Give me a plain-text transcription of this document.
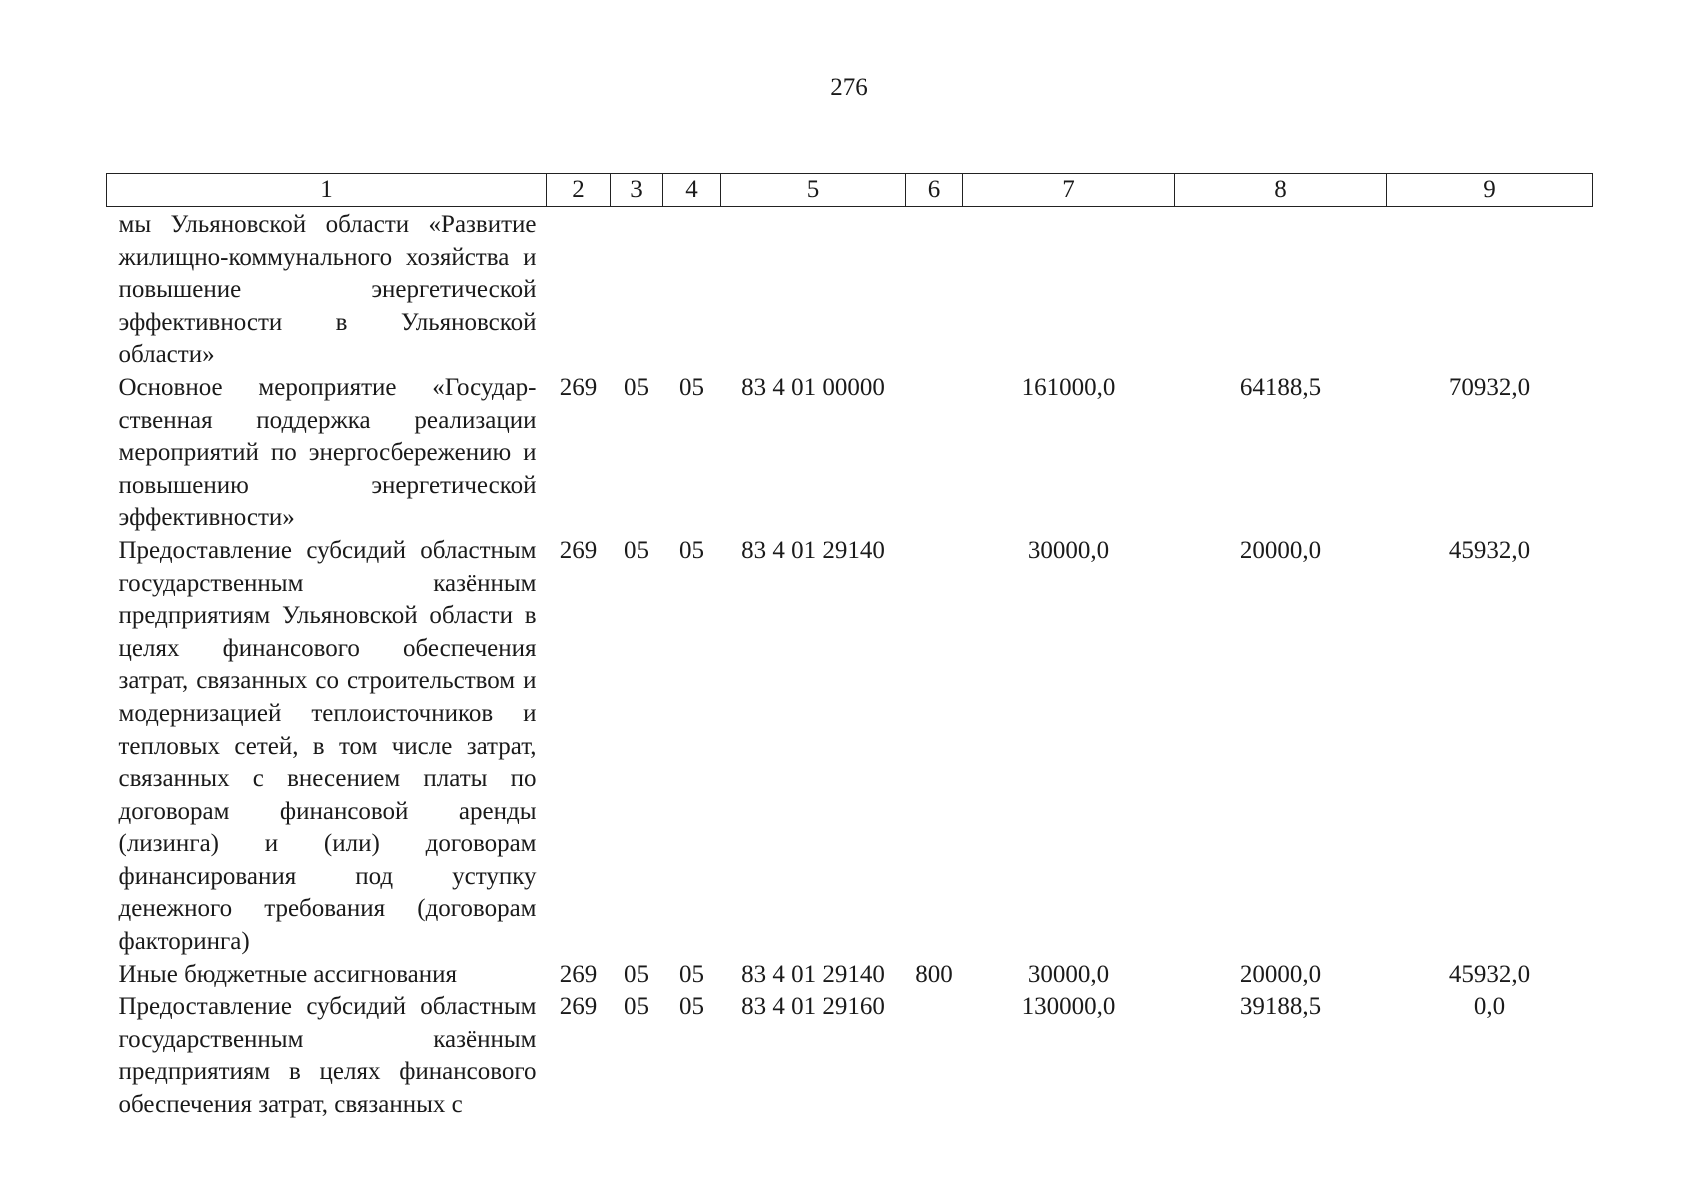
276
1	2	3	4	5	6	7	8	9
мы Ульяновской области «Развитие жилищно-коммунального хозяйства и повышение энергетической эффективности в Ульяновской области»								
Основное мероприятие «Государственная поддержка реализации мероприятий по энергосбережению и повышению энергетической эффективности»	269	05	05	83 4 01 00000		161000,0	64188,5	70932,0
Предоставление субсидий областным государственным казённым предприятиям Ульяновской области в целях финансового обеспечения затрат, связанных со строительством и модернизацией теплоисточников и тепловых сетей, в том числе затрат, связанных с внесением платы по договорам финансовой аренды (лизинга) и (или) договорам финансирования под уступку денежного требования (договорам факторинга)	269	05	05	83 4 01 29140		30000,0	20000,0	45932,0
Иные бюджетные ассигнования	269	05	05	83 4 01 29140	800	30000,0	20000,0	45932,0
Предоставление субсидий областным государственным казённым предприятиям в целях финансового обеспечения затрат, связанных с	269	05	05	83 4 01 29160		130000,0	39188,5	0,0
